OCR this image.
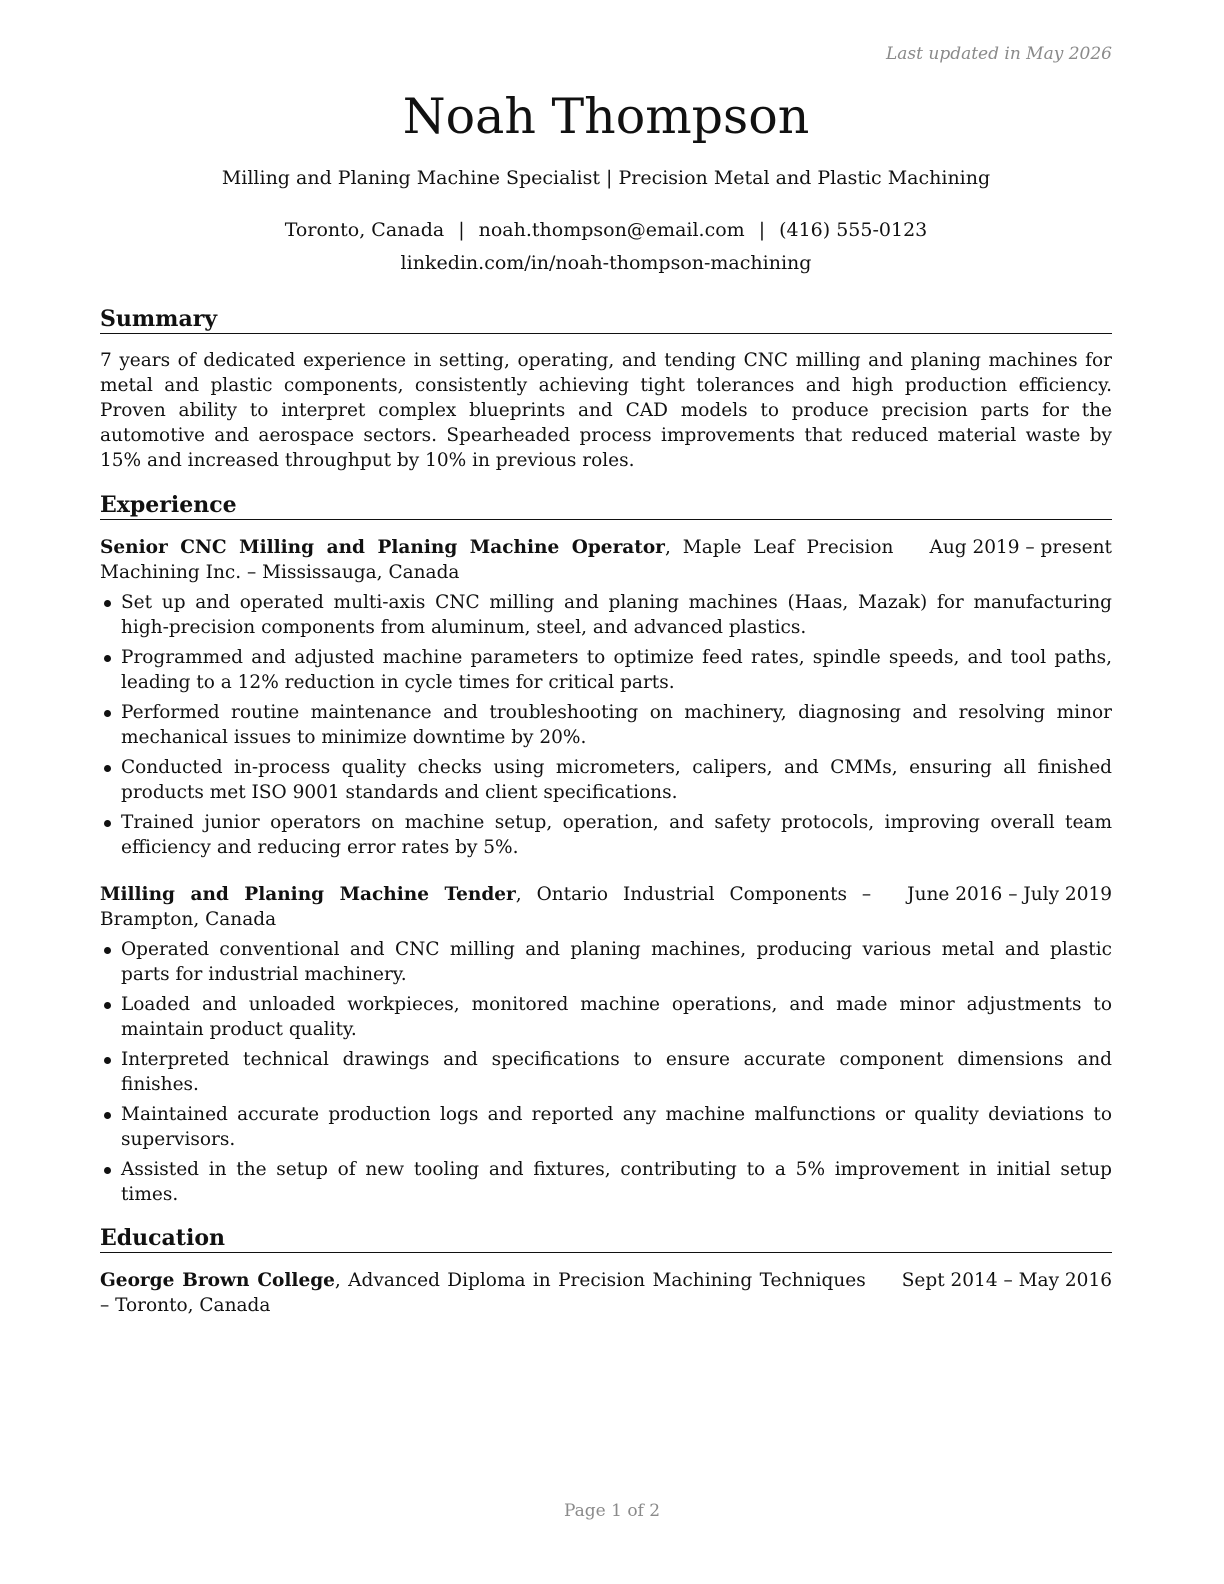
Last updated in May 2026
Noah Thompson
Milling and Planing Machine Specialist | Precision Metal and Plastic Machining
Toronto, Canada | noah.thompson@email.com | (416) 555-0123
linkedin.com/in/noah-thompson-machining
Summary
7 years of dedicated experience in setting, operating, and tending CNC milling and planing machines for metal and plastic components, consistently achieving tight tolerances and high production efficiency. Proven ability to interpret complex blueprints and CAD models to produce precision parts for the automotive and aerospace sectors. Spearheaded process improvements that reduced material waste by 15% and increased throughput by 10% in previous roles.
Experience
Senior CNC Milling and Planing Machine Operator, Maple Leaf Precision Machining Inc. – Mississauga, Canada
Aug 2019 – present
Set up and operated multi-axis CNC milling and planing machines (Haas, Mazak) for manufacturing high-precision components from aluminum, steel, and advanced plastics.
Programmed and adjusted machine parameters to optimize feed rates, spindle speeds, and tool paths, leading to a 12% reduction in cycle times for critical parts.
Performed routine maintenance and troubleshooting on machinery, diagnosing and resolving minor mechanical issues to minimize downtime by 20%.
Conducted in-process quality checks using micrometers, calipers, and CMMs, ensuring all finished products met ISO 9001 standards and client specifications.
Trained junior operators on machine setup, operation, and safety protocols, improving overall team efficiency and reducing error rates by 5%.
Milling and Planing Machine Tender, Ontario Industrial Components – Brampton, Canada
June 2016 – July 2019
Operated conventional and CNC milling and planing machines, producing various metal and plastic parts for industrial machinery.
Loaded and unloaded workpieces, monitored machine operations, and made minor adjustments to maintain product quality.
Interpreted technical drawings and specifications to ensure accurate component dimensions and finishes.
Maintained accurate production logs and reported any machine malfunctions or quality deviations to supervisors.
Assisted in the setup of new tooling and fixtures, contributing to a 5% improvement in initial setup times.
Education
George Brown College, Advanced Diploma in Precision Machining Techniques – Toronto, Canada
Sept 2014 – May 2016
Page 1 of 2
